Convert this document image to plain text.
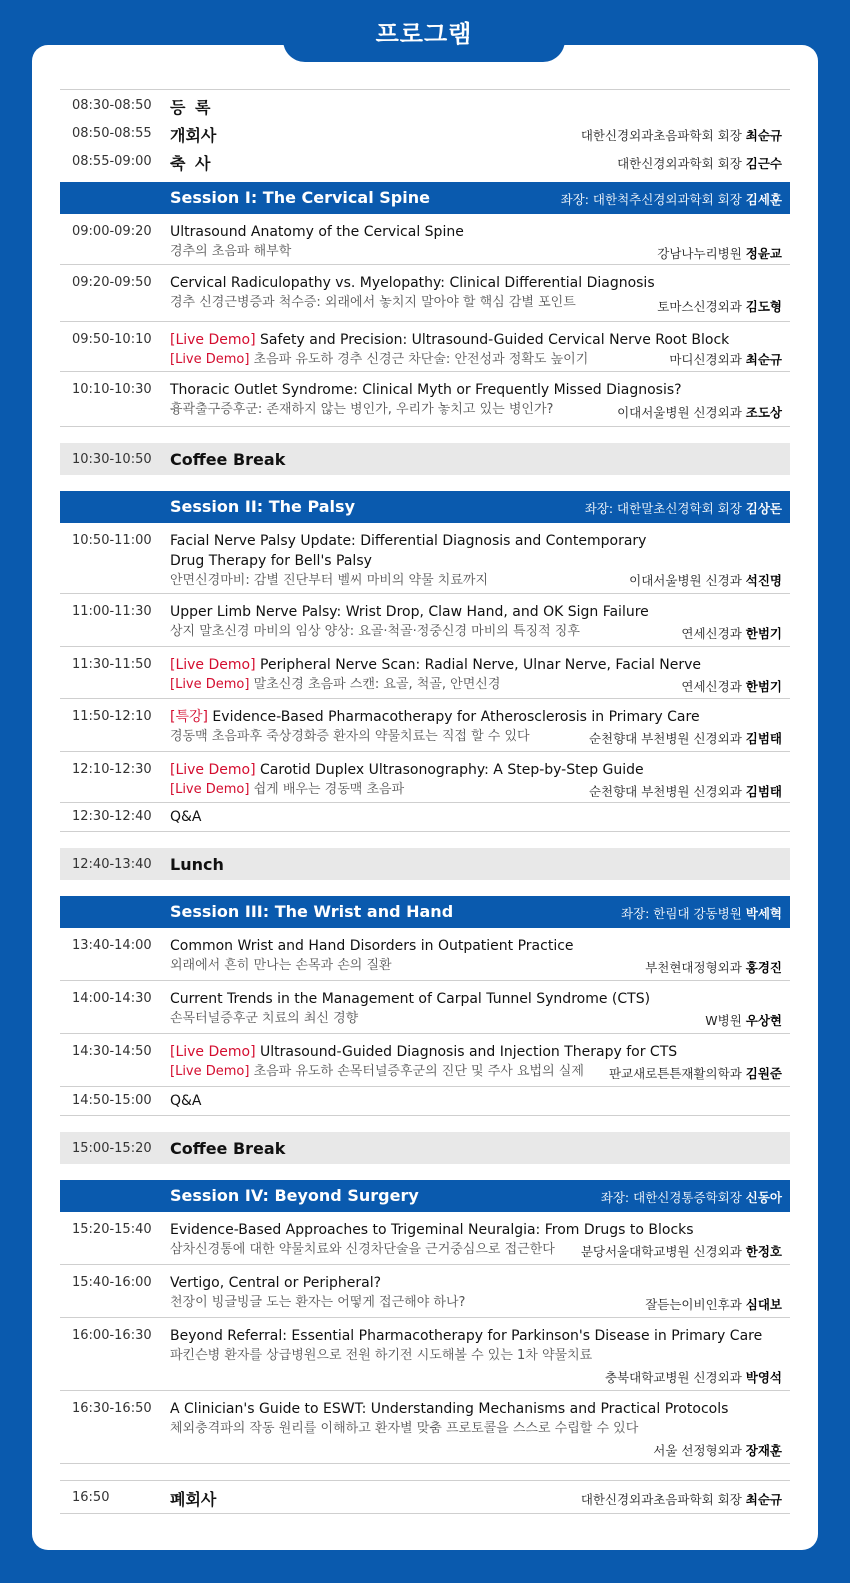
프로그램
08:30-08:50 등 록
08:50-08:55 개회사	대한신경외과초음파학회 회장 최순규
08:55-09:00 축 사	대한신경외과학회 회장 김근수
Session I: The Cervical Spine	좌장: 대한척추신경외과학회 회장 김세훈
09:00-09:20 Ultrasound Anatomy of the Cervical Spine
경추의 초음파 해부학	강남나누리병원 정윤교
09:20-09:50 Cervical Radiculopathy vs. Myelopathy: Clinical Differential Diagnosis
경추 신경근병증과 척수증: 외래에서 놓치지 말아야 할 핵심 감별 포인트	토마스신경외과 김도형
09:50-10:10 [Live Demo] Safety and Precision: Ultrasound-Guided Cervical Nerve Root Block
[Live Demo] 초음파 유도하 경추 신경근 차단술: 안전성과 정확도 높이기	마디신경외과 최순규
10:10-10:30 Thoracic Outlet Syndrome: Clinical Myth or Frequently Missed Diagnosis?
흉곽출구증후군: 존재하지 않는 병인가, 우리가 놓치고 있는 병인가?	이대서울병원 신경외과 조도상
10:30-10:50 Coffee Break
Session II: The Palsy	좌장: 대한말초신경학회 회장 김상돈
10:50-11:00 Facial Nerve Palsy Update: Differential Diagnosis and Contemporary
Drug Therapy for Bell's Palsy
안면신경마비: 감별 진단부터 벨씨 마비의 약물 치료까지	이대서울병원 신경과 석진명
11:00-11:30 Upper Limb Nerve Palsy: Wrist Drop, Claw Hand, and OK Sign Failure
상지 말초신경 마비의 임상 양상: 요골·척골·정중신경 마비의 특징적 징후	연세신경과 한범기
11:30-11:50 [Live Demo] Peripheral Nerve Scan: Radial Nerve, Ulnar Nerve, Facial Nerve
[Live Demo] 말초신경 초음파 스캔: 요골, 척골, 안면신경	연세신경과 한범기
11:50-12:10 [특강] Evidence-Based Pharmacotherapy for Atherosclerosis in Primary Care
경동맥 초음파후 죽상경화증 환자의 약물치료는 직접 할 수 있다	순천향대 부천병원 신경외과 김범태
12:10-12:30 [Live Demo] Carotid Duplex Ultrasonography: A Step-by-Step Guide
[Live Demo] 쉽게 배우는 경동맥 초음파	순천향대 부천병원 신경외과 김범태
12:30-12:40 Q&A
12:40-13:40 Lunch
Session III: The Wrist and Hand	좌장: 한림대 강동병원 박세혁
13:40-14:00 Common Wrist and Hand Disorders in Outpatient Practice
외래에서 흔히 만나는 손목과 손의 질환	부천현대정형외과 홍경진
14:00-14:30 Current Trends in the Management of Carpal Tunnel Syndrome (CTS)
손목터널증후군 치료의 최신 경향	W병원 우상현
14:30-14:50 [Live Demo] Ultrasound-Guided Diagnosis and Injection Therapy for CTS
[Live Demo] 초음파 유도하 손목터널증후군의 진단 및 주사 요법의 실제	판교새로튼튼재활의학과 김원준
14:50-15:00 Q&A
15:00-15:20 Coffee Break
Session IV: Beyond Surgery	좌장: 대한신경통증학회장 신동아
15:20-15:40 Evidence-Based Approaches to Trigeminal Neuralgia: From Drugs to Blocks
삼차신경통에 대한 약물치료와 신경차단술을 근거중심으로 접근한다	분당서울대학교병원 신경외과 한정호
15:40-16:00 Vertigo, Central or Peripheral?
천장이 빙글빙글 도는 환자는 어떻게 접근해야 하나?	잘듣는이비인후과 심대보
16:00-16:30 Beyond Referral: Essential Pharmacotherapy for Parkinson's Disease in Primary Care
파킨슨병 환자를 상급병원으로 전원 하기전 시도해볼 수 있는 1차 약물치료
충북대학교병원 신경외과 박영석
16:30-16:50 A Clinician's Guide to ESWT: Understanding Mechanisms and Practical Protocols
체외충격파의 작동 원리를 이해하고 환자별 맞춤 프로토콜을 스스로 수립할 수 있다
서울 선정형외과 장재훈
16:50	폐회사	대한신경외과초음파학회 회장 최순규
